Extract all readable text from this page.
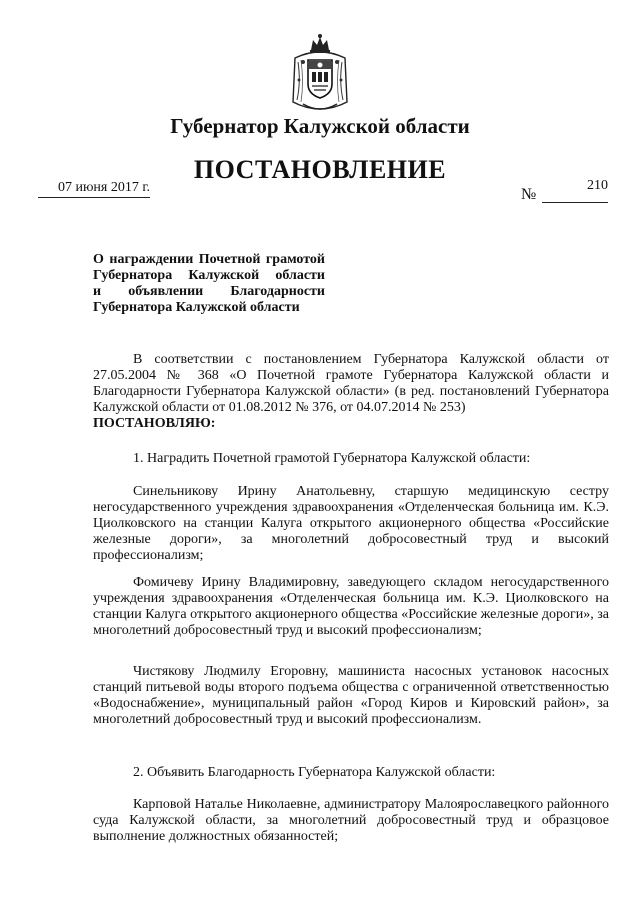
Губернатор Калужской области
ПОСТАНОВЛЕНИЕ
07 июня 2017 г.	№
210
О награждении Почетной грамотой
Губернатора Калужской области
и объявлении Благодарности
Губернатора Калужской области
В соответствии с постановлением Губернатора Калужской области от 27.05.2004 № 368 «О Почетной грамоте Губернатора Калужской области и Благодарности Губернатора Калужской области» (в ред. постановлений Губернатора Калужской области от 01.08.2012 № 376, от 04.07.2014 № 253)
ПОСТАНОВЛЯЮ:
1. Наградить Почетной грамотой Губернатора Калужской области:
Синельникову Ирину Анатольевну, старшую медицинскую сестру негосударственного учреждения здравоохранения «Отделенческая больница им. К.Э. Циолковского на станции Калуга открытого акционерного общества «Российские железные дороги», за многолетний добросовестный труд и высокий профессионализм;
Фомичеву Ирину Владимировну, заведующего складом негосударственного учреждения здравоохранения «Отделенческая больница им. К.Э. Циолковского на станции Калуга открытого акционерного общества «Российские железные дороги», за многолетний добросовестный труд и высокий профессионализм;
Чистякову Людмилу Егоровну, машиниста насосных установок насосных станций питьевой воды второго подъема общества с ограниченной ответственностью «Водоснабжение», муниципальный район «Город Киров и Кировский район», за многолетний добросовестный труд и высокий профессионализм.
2. Объявить Благодарность Губернатора Калужской области:
Карповой Наталье Николаевне, администратору Малоярославецкого районного суда Калужской области, за многолетний добросовестный труд и образцовое выполнение должностных обязанностей;
